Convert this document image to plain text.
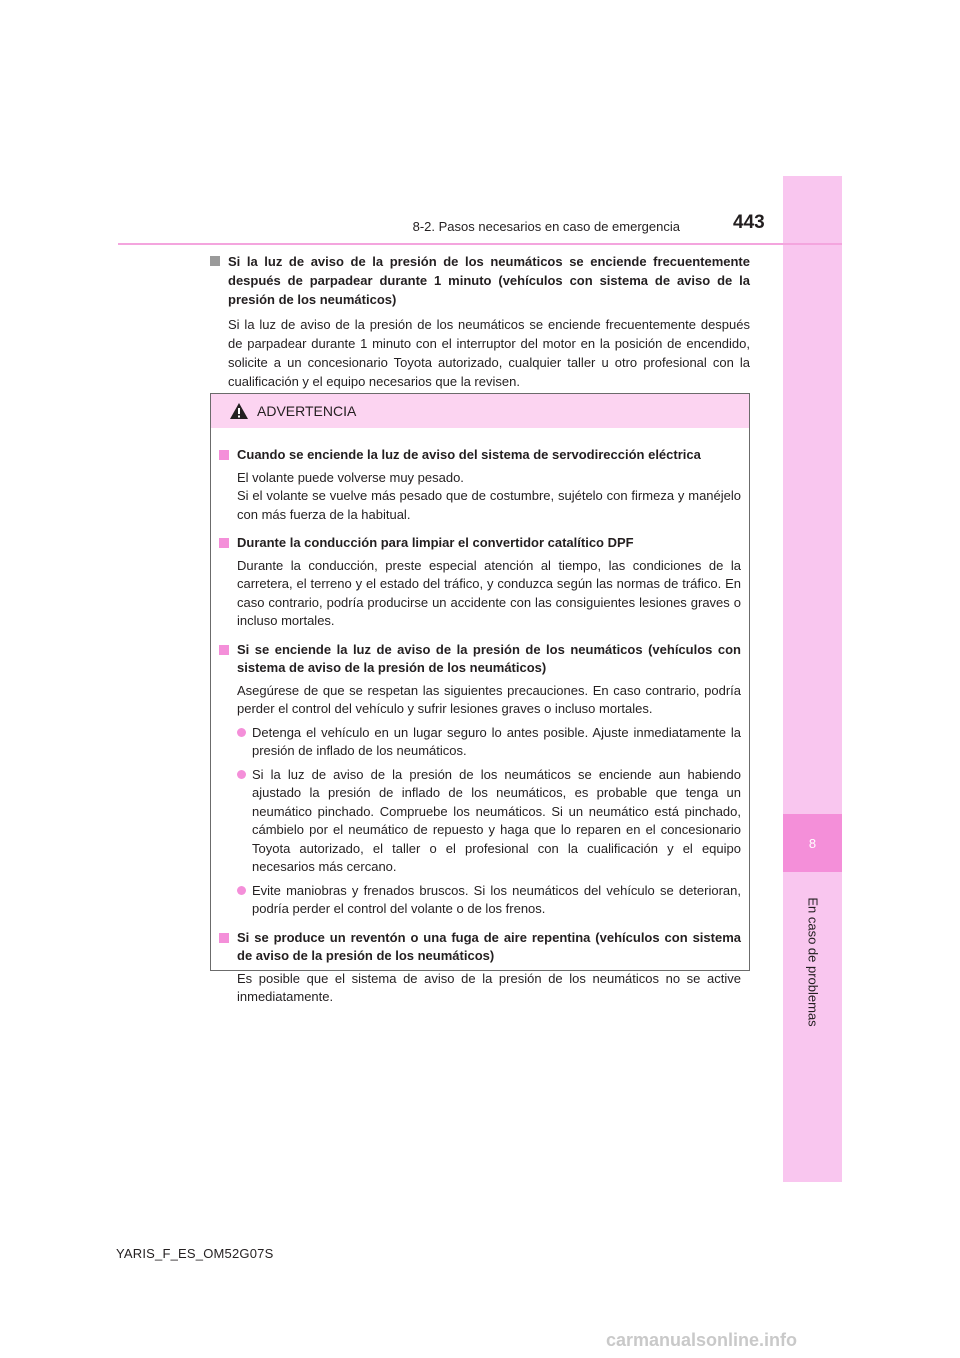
8
En caso de problemas
8-2. Pasos necesarios en caso de emergencia	443
Si la luz de aviso de la presión de los neumáticos se enciende frecuentemente después de parpadear durante 1 minuto (vehículos con sistema de aviso de la presión de los neumáticos)
Si la luz de aviso de la presión de los neumáticos se enciende frecuentemente después de parpadear durante 1 minuto con el interruptor del motor en la posición de encendido, solicite a un concesionario Toyota autorizado, cualquier taller u otro profesional con la cualificación y el equipo necesarios que la revisen.
ADVERTENCIA
Cuando se enciende la luz de aviso del sistema de servodirección eléctrica
El volante puede volverse muy pesado.
Si el volante se vuelve más pesado que de costumbre, sujételo con firmeza y manéjelo con más fuerza de la habitual.
Durante la conducción para limpiar el convertidor catalítico DPF
Durante la conducción, preste especial atención al tiempo, las condiciones de la carretera, el terreno y el estado del tráfico, y conduzca según las normas de tráfico. En caso contrario, podría producirse un accidente con las consiguientes lesiones graves o incluso mortales.
Si se enciende la luz de aviso de la presión de los neumáticos (vehículos con sistema de aviso de la presión de los neumáticos)
Asegúrese de que se respetan las siguientes precauciones. En caso contrario, podría perder el control del vehículo y sufrir lesiones graves o incluso mortales.
Detenga el vehículo en un lugar seguro lo antes posible. Ajuste inmediatamente la presión de inflado de los neumáticos.
Si la luz de aviso de la presión de los neumáticos se enciende aun habiendo ajustado la presión de inflado de los neumáticos, es probable que tenga un neumático pinchado. Compruebe los neumáticos. Si un neumático está pinchado, cámbielo por el neumático de repuesto y haga que lo reparen en el concesionario Toyota autorizado, el taller o el profesional con la cualificación y el equipo necesarios más cercano.
Evite maniobras y frenados bruscos. Si los neumáticos del vehículo se deterioran, podría perder el control del volante o de los frenos.
Si se produce un reventón o una fuga de aire repentina (vehículos con sistema de aviso de la presión de los neumáticos)
Es posible que el sistema de aviso de la presión de los neumáticos no se active inmediatamente.
YARIS_F_ES_OM52G07S
carmanualsonline.info
